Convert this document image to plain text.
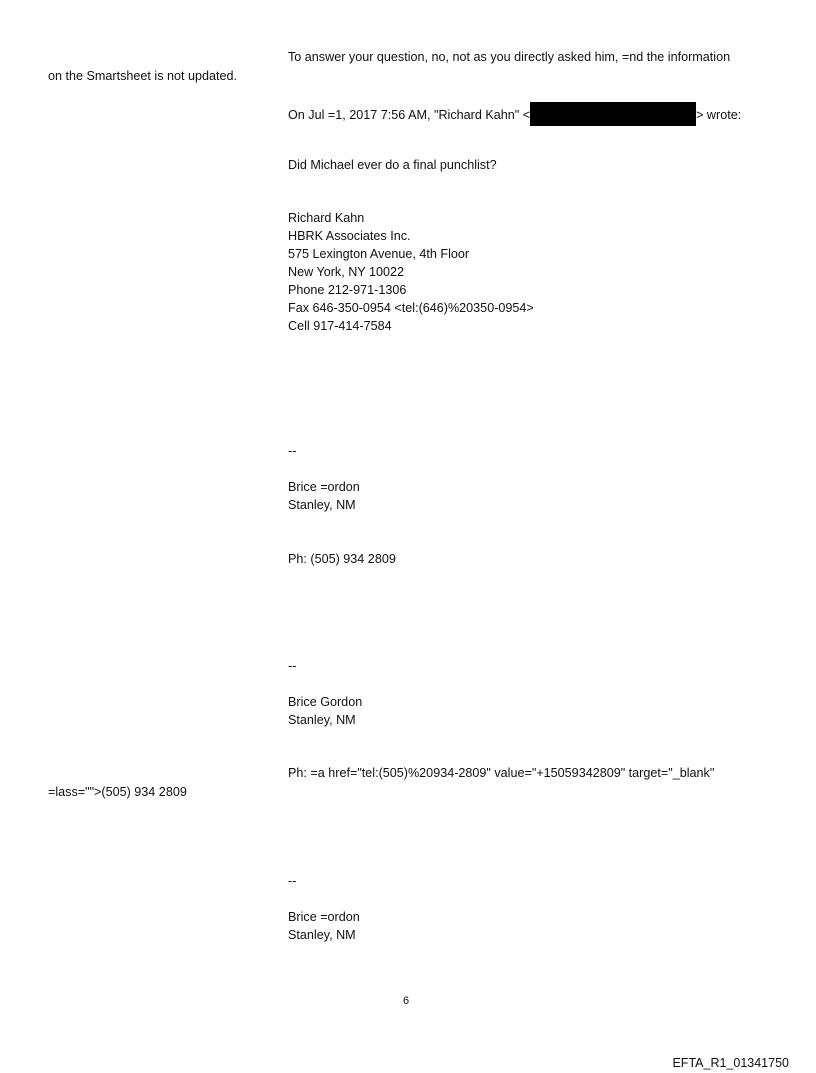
To answer your question, no, not as you directly asked him, =nd the information
on the Smartsheet is not updated.
On Jul =1, 2017 7:56 AM, "Richard Kahn" <	> wrote:
Did Michael ever do a final punchlist?
Richard Kahn
HBRK Associates Inc.
575 Lexington Avenue, 4th Floor
New York, NY 10022
Phone 212-971-1306
Fax 646-350-0954 <tel:(646)%20350-0954>
Cell 917-414-7584
--
Brice =ordon
Stanley, NM
Ph: (505) 934 2809
--
Brice Gordon
Stanley, NM
Ph: =a href="tel:(505)%20934-2809" value="+15059342809" target="_blank"
=lass="">(505) 934 2809
--
Brice =ordon
Stanley, NM
6
EFTA_R1_01341750
